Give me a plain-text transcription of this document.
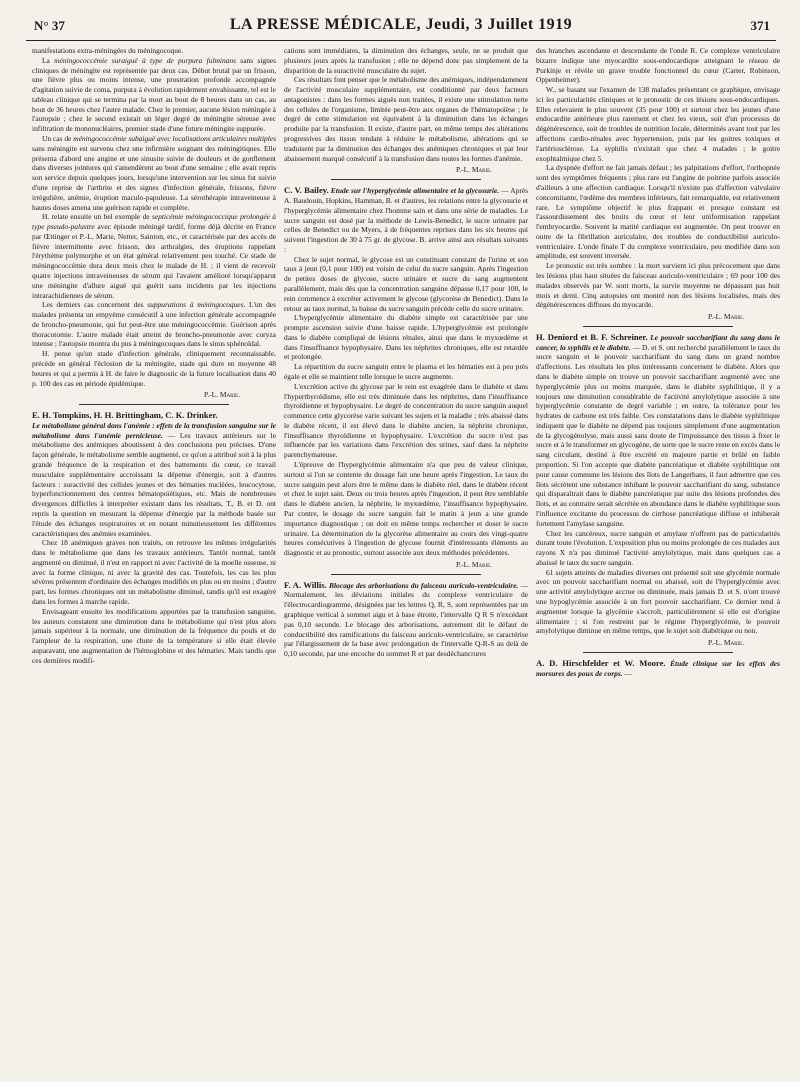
N° 37	LA PRESSE MÉDICALE, Jeudi, 3 Juillet 1919	371

manifestations extra-méningées du méningocoque.

La méningococcémie suraiguë à type de purpura fulminans sans signes cliniques de méningite est représentée par deux cas. Début brutal par un frisson, une fièvre plus ou moins intense, une prostration profonde accompagnée d'agitation suivie de coma, purpura à évolution rapidement envahissante, tel est le tableau clinique qui se termina par la mort au bout de 8 heures dans un cas, au bout de 36 heures chez l'autre malade. Chez le premier, aucune lésion méningée à l'autopsie ; chez le second existait un léger degré de méningite séreuse avec infiltration de mononucléaires, premier stade d'une future méningite suppurée.

Un cas de méningococcémie subaiguë avec localisations articulaires multiples sans méningite est survenu chez une infirmière soignant des méningitiques. Elle présenta d'abord une angine et une sinusite suivie de douleurs et de gonflement dans diverses jointures qui s'amendèrent au bout d'une semaine ; elle avait repris son service depuis quelques jours, lorsqu'une intervention sur les sinus fut suivie d'une reprise de l'arthrite et des signes d'infection générale, frissons, fièvre irrégulière, anémie, éruption maculo-papuleuse. La sérothérapie intraveineuse à hautes doses amena une guérison rapide et complète.

H. relate ensuite un bel exemple de septicémie méningococcique prolongée à type pseudo-palustre avec épisode méningé tardif, forme déjà décrite en France par Œttinger et P.-L. Marie, Netter, Sainton, etc., et caractérisée par des accès de fièvre intermittente avec frisson, des arthralgies, des éruptions rappelant l'érythème polymorphe et un état général relativement peu touché. Ce stade de méningococcémie dura deux mois chez le malade de H. ; il vient de recevoir quatre injections intraveineuses de sérum qui l'avaient amélioré lorsqu'apparut une méningite d'allure aiguë qui guérit sans incidents par les injections intrarachidiennes de sérum.

Les derniers cas concernent des suppurations à méningocoques. L'un des malades présenta un empyème consécutif à une infection générale accompagnée de broncho-pneumonie, qui fut peut-être une méningococcémie. Guérison après thoracotomie. L'autre malade était atteint de broncho-pneumonie avec coryza intense ; l'autopsie montra du pus à méningocoques dans le sinus sphénoïdal.

H. pense qu'un stade d'infection générale, cliniquement reconnaissable, précède en général l'éclosion de la méningite, stade qui dure en moyenne 48 heures et qui a permis à H. de faire le diagnostic de la future localisation dans 40 p. 100 des cas en période épidémique.

P.-L. Marie.

E. H. Tompkins, H. H. Brittingham, C. K. Drinker.
Le métabolisme général dans l'anémie : effets de la transfusion sanguine sur le métabolisme dans l'anémie pernicieuse. — Les travaux antérieurs sur le métabolisme des anémiques aboutissent à des conclusions peu précises. D'une façon générale, le métabolisme semble augmenté, ce qu'on a attribué soit à la plus grande fréquence de la respiration et des battements du cœur, ce travail musculaire supplémentaire accroissant la dépense d'énergie, soit à d'autres facteurs : suractivité des cellules jeunes et des hématies nucléées, leucocytose, hyperfonctionnement des centres hématopoïétiques, etc. Mais de nombreuses divergences difficiles à interpréter existant dans les résultats, T., B. et D. ont repris la question en mesurant la dépense d'énergie par la méthode basée sur l'étude des échanges respiratoires et en notant minutieusement les différentes caractéristiques des anémies examinées.

Chez 18 anémiques graves non traités, on retrouve les mêmes irrégularités dans le métabolisme que dans les travaux antérieurs. Tantôt normal, tantôt augmenté ou diminué, il n'est en rapport ni avec l'activité de la moelle osseuse, ni avec la forme clinique, ni avec la gravité des cas. Toutefois, les cas les plus sévères présentent d'ordinaire des échanges modifiés en plus ou en moins ; d'autre part, les formes chroniques ont un métabolisme diminué, tandis qu'il est exagéré dans les formes à marche rapide.

Envisageant ensuite les modifications apportées par la transfusion sanguine, les auteurs constatent une diminution dans le métabolisme qui n'est plus alors jamais supérieur à la normale, une diminution de la fréquence du pouls et de l'ampleur de la respiration, une chute de la température si elle était élevée auparavant, une augmentation de l'hémoglobine et des hématies. Mais tandis que ces dernières modifi-

cations sont immédiates, la diminution des échanges, seule, ne se produit que plusieurs jours après la transfusion ; elle ne dépend donc pas simplement de la disparition de la suractivité musculaire du sujet.

Ces résultats font penser que le métabolisme des anémiques, indépendamment de l'activité musculaire supplémentaire, est conditionné par deux facteurs antagonistes : dans les formes aiguës non traitées, il existe une stimulation nette des cellules de l'organisme, limitée peut-être aux organes de l'hématopoïèse ; le degré de cette stimulation est équivalent à la diminution dans les échanges produite par la transfusion. Il existe, d'autre part, en même temps des altérations progressives des tissus tendant à réduire le métabolisme, altérations qui se traduisent par la diminution des échanges des anémiques chroniques et par leur abaissement marqué consécutif à la transfusion dans toutes les formes d'anémie.

P.-L. Marie.

C. V. Bailey. Etude sur l'hyperglycémie alimentaire et la glycosurie. — Après A. Baudouin, Hopkins, Hamman, B. et d'autres, les relations entre la glycosurie et l'hyperglycémie alimentaire chez l'homme sain et dans une série de maladies. Le sucre sanguin est dosé par la méthode de Lewis-Benedict, le sucre urinaire par celles de Benedict ou de Myers, à de fréquentes reprises dans les six heures qui suivent l'ingestion de 30 à 75 gr. de glycose. B. arrive ainsi aux résultats suivants :

Chez le sujet normal, le glycose est un constituant constant de l'urine et son taux à jeun (0,1 pour 100) est voisin de celui du sucre sanguin. Après l'ingestion de petites doses de glycose, sucre urinaire et sucre du sang augmentent parallèlement, mais dès que la concentration sanguine dépasse 0,17 pour 100, le rein commence à excréter activement le glycose (glycorése de Benedict). Dans le retour au taux normal, la baisse du sucre sanguin précède celle du sucre urinaire.

L'hyperglycémie alimentaire du diabète simple est caractérisée par une prompte ascension suivie d'une baisse rapide. L'hyperglycémie est prolongée dans le diabète compliqué de lésions rénales, ainsi que dans le myxœdème et dans l'insuffisance hypophysaire. Dans les néphrites chroniques, elle est retardée et prolongée.

La répartition du sucre sanguin entre le plasma et les hématies est à peu près égale et elle se maintient telle lorsque le sucre augmente.

L'excrétion active du glycose par le rein est exagérée dans le diabète et dans l'hyperthyroïdisme, elle est très diminuée dans les néphrites, dans l'insuffisance thyroïdienne et hypophysaire. Le degré de concentration du sucre sanguin auquel commence cette glycorése varie suivant les sujets et la maladie ; très abaissé dans le diabète récent, il est élevé dans le diabète ancien, la néphrite chronique, l'insuffisance thyroïdienne et hypophysaire. L'excrétion du sucre n'est pas influencée par les variations dans l'excrétion des urines, sauf dans la néphrite parenchymateuse.

L'épreuve de l'hyperglycémie alimentaire n'a que peu de valeur clinique, surtout si l'on se contente du dosage fait une heure après l'ingestion. Le taux du sucre sanguin peut alors être le même dans le diabète réel, dans le diabète récent et chez le sujet sain. Deux ou trois heures après l'ingestion, il peut être semblable dans le diabète ancien, la néphrite, le myxœdème, l'insuffisance hypophysaire. Par contre, le dosage du sucre sanguin fait le matin à jeun a une grande importance diagnostique ; on doit en même temps rechercher et doser le sucre urinaire. La détermination de la glycorése alimentaire au cours des vingt-quatre heures consécutives à l'ingestion de glycose fournit d'intéressants éléments au diagnostic et au pronostic, surtout associée aux deux méthodes précédentes.

P.-L. Marie.

F. A. Willis. Blocage des arborisations du faisceau auriculo-ventriculaire. — Normalement, les déviations initiales du complexe ventriculaire de l'électrocardiogramme, désignées par les lettres Q, R, S, sont représentées par un graphique vertical à sommet aigu et à base étroite, l'intervalle Q R S n'excédant pas 0,10 seconde. Le blocage des arborisations, autrement dit le défaut de conductibilité des ramifications du faisceau auriculo-ventriculaire, se caractérise par l'élargissement de la base avec prolongation de l'intervalle Q-R-S au delà de 0,10 seconde, par une encoche du sommet R et par desdéchancrures

des branches ascendante et descendante de l'onde R. Ce complexe ventriculaire bizarre indique une myocardite sous-endocardique atteignant le réseau de Purkinje et révèle un grave trouble fonctionnel du cœur (Carter, Robinson, Oppenheimer).

W., se basant sur l'examen de 138 malades présentant ce graphique, envisage ici les particularités cliniques et le pronostic de ces lésions sous-endocardiques. Elles relevaient le plus souvent (35 pour 100) et surtout chez les jeunes d'une endocardite antérieure plus rarement et chez les vieux, soit d'un processus de dégénérescence, soit de troubles de nutrition locale, déterminés avant tout par les affections cardio-rénales avec hypertension, puis par les goitres toxiques et l'artériosclérose. La syphilis n'existait que chez 4 malades ; le goitre exophtalmique chez 5.

La dyspnée d'effort ne fait jamais défaut ; les palpitations d'effort, l'orthopnée sont des symptômes fréquents ; plus rare est l'angine de poitrine parfois associée d'ailleurs à une affection cardiaque. Lorsqu'il n'existe pas d'affection valvulaire concomitante, l'œdème des membres inférieurs, fait remarquable, est relativement rare. Le symptôme objectif le plus frappant et presque constant est l'assourdissement des bruits du cœur et leur uniformisation rappelant l'embryocardie. Souvent la matité cardiaque est augmentée. On peut trouver en outre de la fibrillation auriculaire, des troubles de conductibilité auriculo-ventriculaire. L'onde finale T du complexe ventriculaire, peu modifiée dans son amplitude, est souvent inversée.

Le pronostic est très sombre : la mort survient ici plus précocement que dans les lésions plus haut situées du faisceau auriculo-ventriculaire ; 69 pour 100 des malades observés par W. sont morts, la survie moyenne ne dépassant pas huit mois et demi. Cinq autopsies ont montré non des lésions localisées, mais des dégénérescences diffuses du myocarde.

P.-L. Marie.

H. Deniord et B. F. Schreiner. Le pouvoir saccharifiant du sang dans le cancer, la syphilis et le diabète. — D. et S. ont recherché parallèlement le taux du sucre sanguin et le pouvoir saccharifiant du sang dans un grand nombre d'affections. Les résultats les plus intéressants concernent le diabète. Alors que dans le diabète simple on trouve un pouvoir saccharifiant augmenté avec une hyperglycémie plus ou moins marquée, dans le diabète syphilitique, il y a toujours une diminution considérable de l'activité amylolytique associée à une hyperglycémie constante de degré variable ; en outre, la tolérance pour les hydrates de carbone est très faible. Ces constatations dans le diabète syphilitique indiquent que le diabète ne dépend pas toujours simplement d'une augmentation de la glycogénolyse, mais aussi sans doute de l'impuissance des tissus à fixer le sucre et à le transformer en glycogène, de sorte que le sucre reste en excès dans le sang circulant, destiné à être excrété en majeure partie et brûlé en faible proportion. Si l'on accepte que diabète pancréatique et diabète syphilitique ont pour cause commune les lésions des îlots de Langerhans, il faut admettre que ces îlots sécrètent une substance inhibant le pouvoir saccharifiant du sang, substance qui disparaîtrait dans le diabète pancréatique par suite des lésions profondes des îlots, et au contraire serait sécrétée en abondance dans le diabète syphilitique sous l'influence excitante du processus de cirrhose pancréatique diffuse et inhiberait fortement l'amylase sanguine.

Chez les cancéreux, sucre sanguin et amylase n'offrent pas de particularités durant toute l'évolution. L'exposition plus ou moins prolongée de ces malades aux rayons X n'a pas diminué l'activité amylolytique, mais dans quelques cas a abaissé le taux du sucre sanguin.

61 sujets atteints de maladies diverses ont présenté soit une glycémie normale avec un pouvoir saccharifiant normal ou abaissé, soit de l'hyperglycémie avec une activité amylolytique accrue ou diminuée, mais jamais D. et S. n'ont trouvé une hypoglycémie associée à un fort pouvoir saccharifiant. Ce dernier tend à augmenter lorsque la glycémie s'accroît, particulièrement si elle est d'origine alimentaire ; si l'on restreint par le régime l'hyperglycémie, le pouvoir amylolytique diminue en même temps, que le sujet soit diabétique ou non.

P.-L. Marie.

A. D. Hirschfelder et W. Moore. Étude clinique sur les effets des morsures des poux de corps. —
